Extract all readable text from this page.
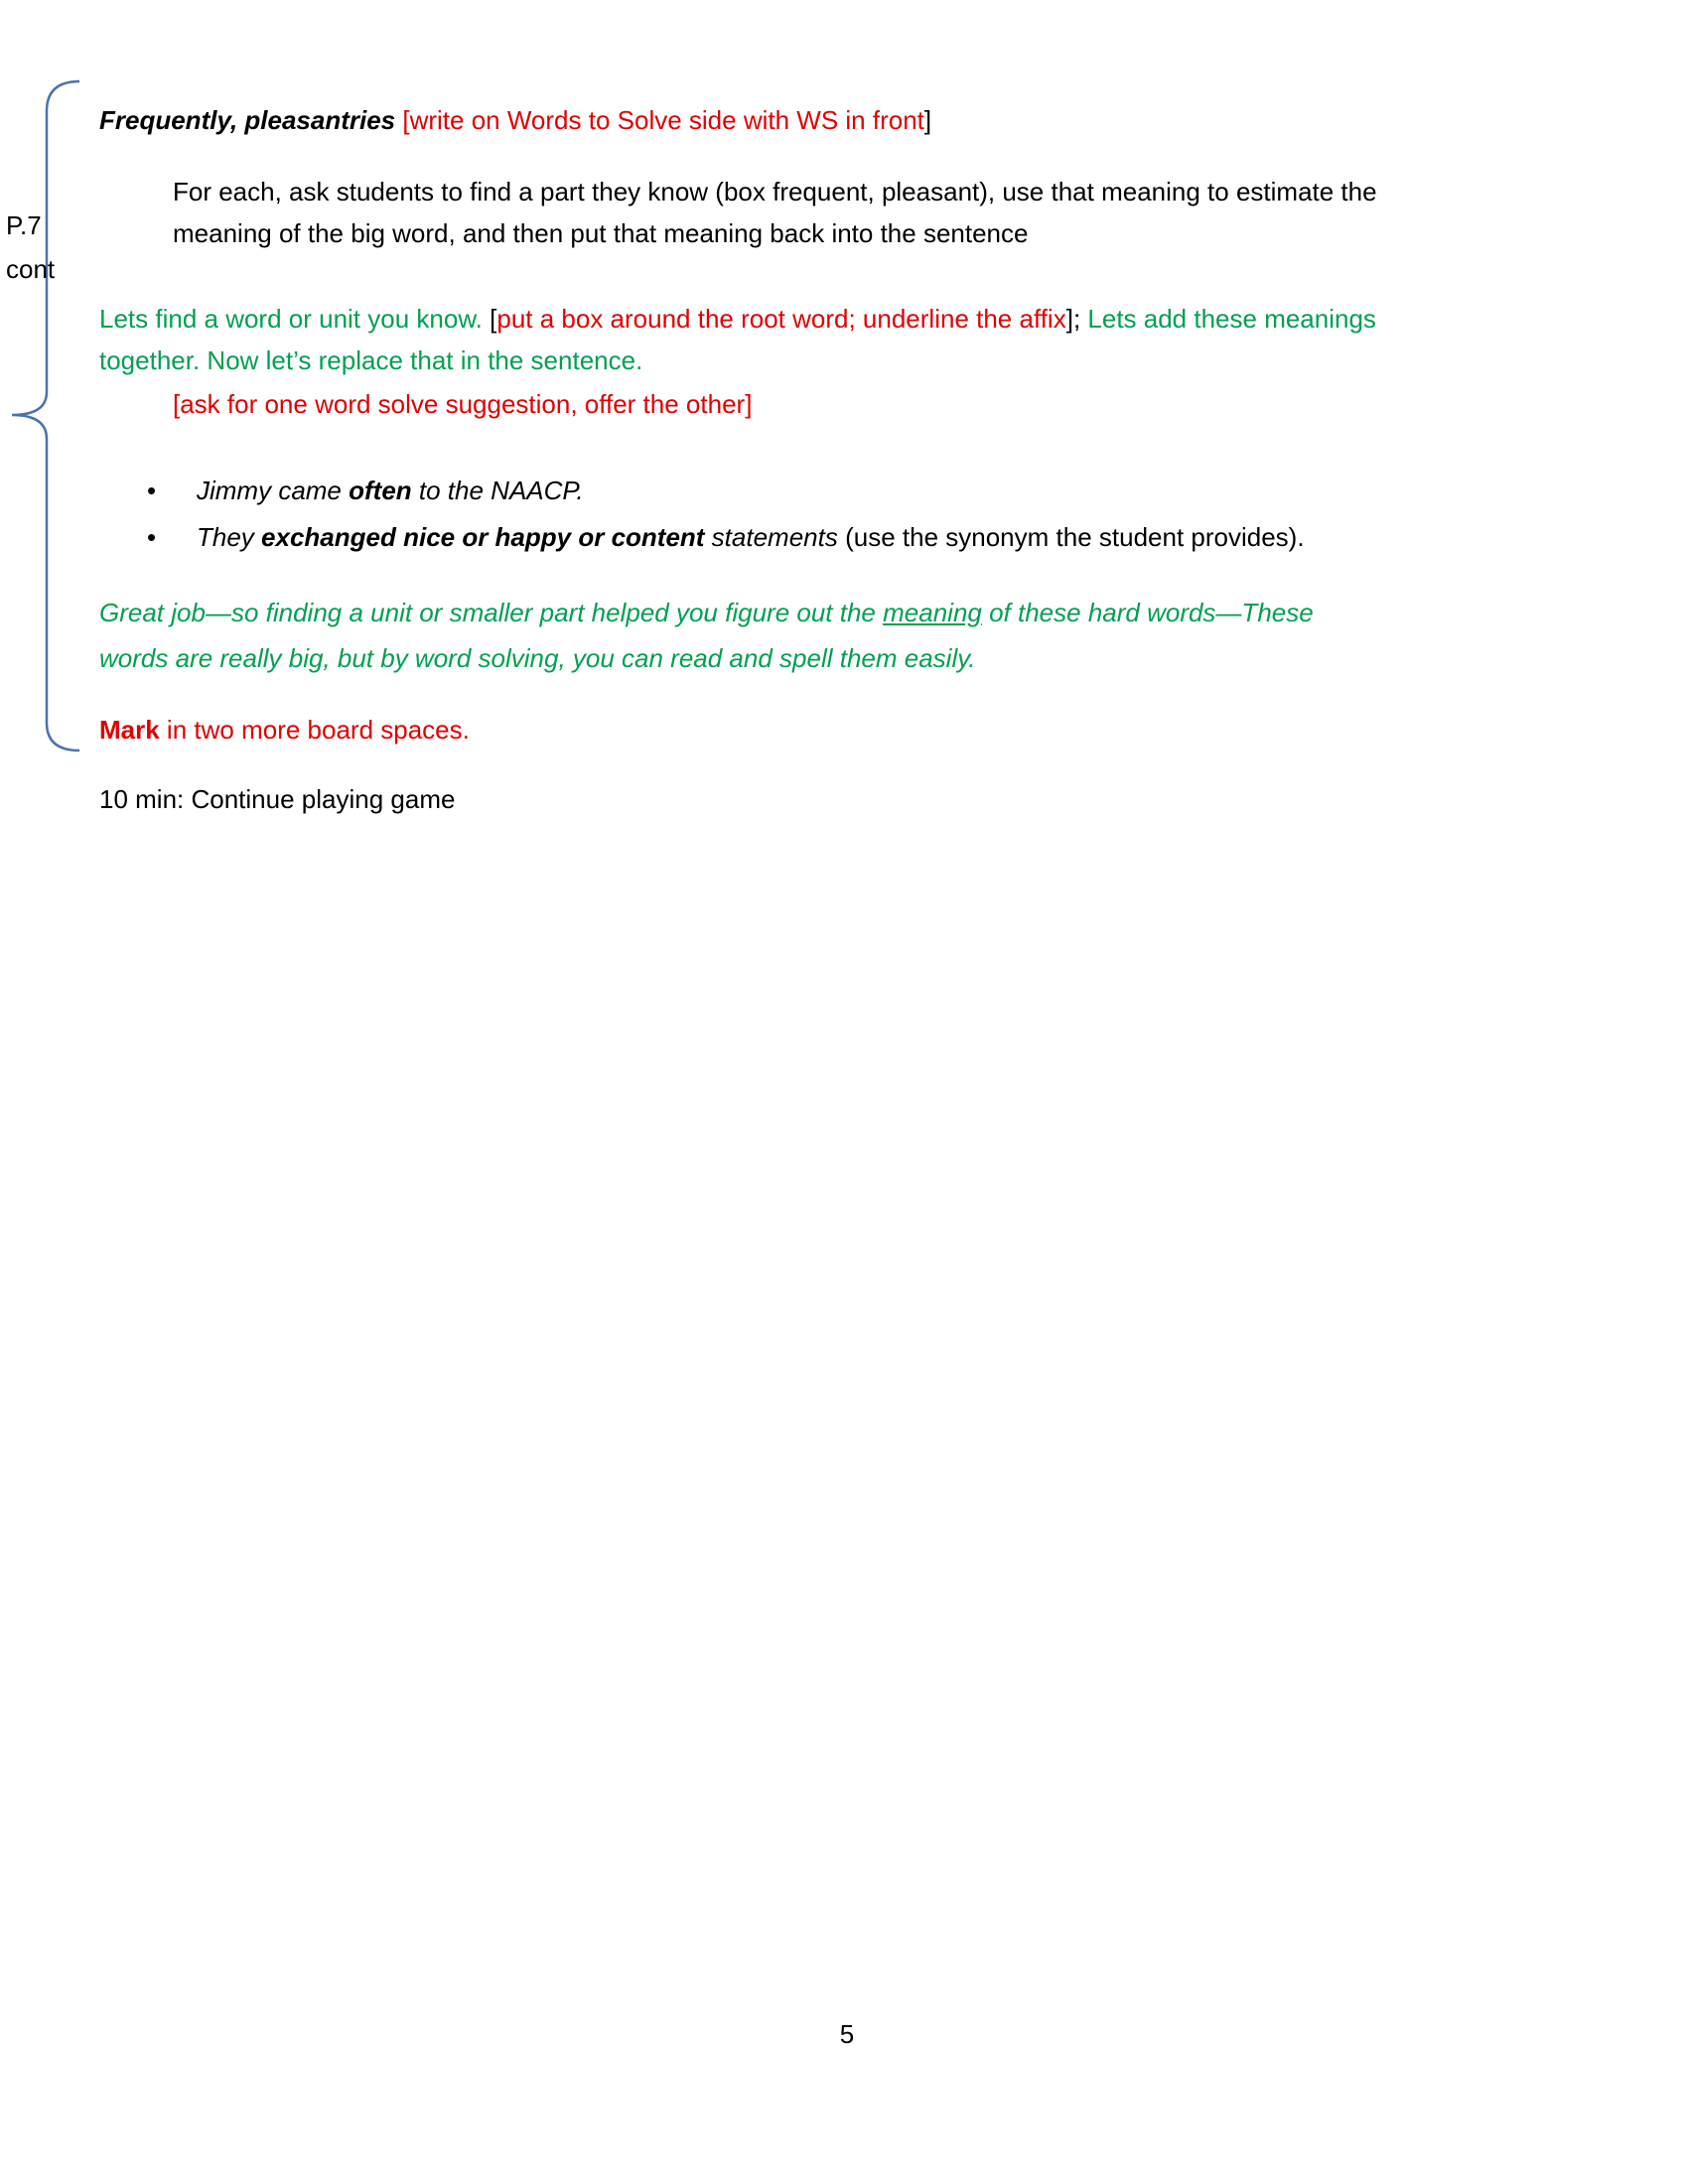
P.7
cont
Frequently, pleasantries [write on Words to Solve side with WS in front]
For each, ask students to find a part they know (box frequent, pleasant), use that meaning to estimate the
meaning of the big word, and then put that meaning back into the sentence
Lets find a word or unit you know. [put a box around the root word; underline the affix]; Lets add these meanings
together. Now let’s replace that in the sentence.
[ask for one word solve suggestion, offer the other]
• Jimmy came often to the NAACP.
• They exchanged nice or happy or content statements (use the synonym the student provides).
Great job—so finding a unit or smaller part helped you figure out the meaning of these hard words—These
words are really big, but by word solving, you can read and spell them easily.
Mark in two more board spaces.
10 min: Continue playing game
5
